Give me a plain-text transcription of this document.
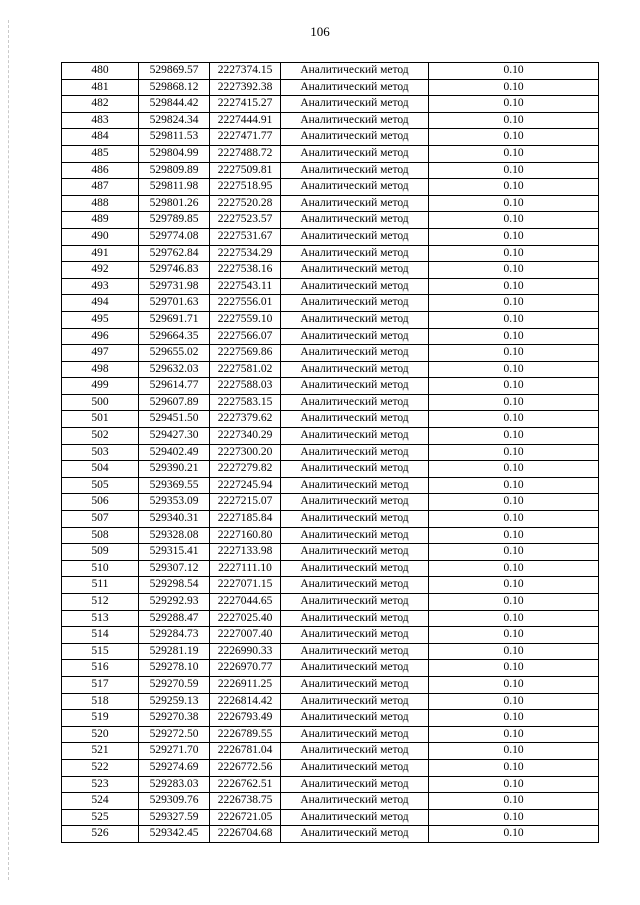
106
480	529869.57	2227374.15	Аналитический метод	0.10
481	529868.12	2227392.38	Аналитический метод	0.10
482	529844.42	2227415.27	Аналитический метод	0.10
483	529824.34	2227444.91	Аналитический метод	0.10
484	529811.53	2227471.77	Аналитический метод	0.10
485	529804.99	2227488.72	Аналитический метод	0.10
486	529809.89	2227509.81	Аналитический метод	0.10
487	529811.98	2227518.95	Аналитический метод	0.10
488	529801.26	2227520.28	Аналитический метод	0.10
489	529789.85	2227523.57	Аналитический метод	0.10
490	529774.08	2227531.67	Аналитический метод	0.10
491	529762.84	2227534.29	Аналитический метод	0.10
492	529746.83	2227538.16	Аналитический метод	0.10
493	529731.98	2227543.11	Аналитический метод	0.10
494	529701.63	2227556.01	Аналитический метод	0.10
495	529691.71	2227559.10	Аналитический метод	0.10
496	529664.35	2227566.07	Аналитический метод	0.10
497	529655.02	2227569.86	Аналитический метод	0.10
498	529632.03	2227581.02	Аналитический метод	0.10
499	529614.77	2227588.03	Аналитический метод	0.10
500	529607.89	2227583.15	Аналитический метод	0.10
501	529451.50	2227379.62	Аналитический метод	0.10
502	529427.30	2227340.29	Аналитический метод	0.10
503	529402.49	2227300.20	Аналитический метод	0.10
504	529390.21	2227279.82	Аналитический метод	0.10
505	529369.55	2227245.94	Аналитический метод	0.10
506	529353.09	2227215.07	Аналитический метод	0.10
507	529340.31	2227185.84	Аналитический метод	0.10
508	529328.08	2227160.80	Аналитический метод	0.10
509	529315.41	2227133.98	Аналитический метод	0.10
510	529307.12	2227111.10	Аналитический метод	0.10
511	529298.54	2227071.15	Аналитический метод	0.10
512	529292.93	2227044.65	Аналитический метод	0.10
513	529288.47	2227025.40	Аналитический метод	0.10
514	529284.73	2227007.40	Аналитический метод	0.10
515	529281.19	2226990.33	Аналитический метод	0.10
516	529278.10	2226970.77	Аналитический метод	0.10
517	529270.59	2226911.25	Аналитический метод	0.10
518	529259.13	2226814.42	Аналитический метод	0.10
519	529270.38	2226793.49	Аналитический метод	0.10
520	529272.50	2226789.55	Аналитический метод	0.10
521	529271.70	2226781.04	Аналитический метод	0.10
522	529274.69	2226772.56	Аналитический метод	0.10
523	529283.03	2226762.51	Аналитический метод	0.10
524	529309.76	2226738.75	Аналитический метод	0.10
525	529327.59	2226721.05	Аналитический метод	0.10
526	529342.45	2226704.68	Аналитический метод	0.10
